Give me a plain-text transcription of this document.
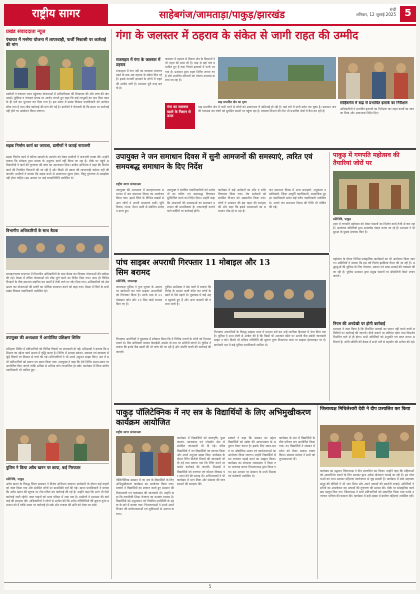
राष्ट्रीय सागर	साहेबगंज/जामताड़ा/पाकुड़/झारखंड
रांची
शनिवार, 12 जुलाई 2025 5
प्रखंड संवाददाता न्यूज
पंचायत में मनरेगा योजना में लापरवाही, फर्जी निकासी पर कार्रवाई की मांग
ग्रामीणों ने पंचायत भवन पहुंचकर योजनाओं में अनियमितता की शिकायत की और जांच की मांग उठाई। मुखिया व पंचायत सेवक पर आरोप लगाते हुए कहा कि कई लाभुकों का नाम बिना काम के ही दर्ज कर भुगतान कर दिया गया है। इस संबंध में प्रखंड विकास पदाधिकारी को आवेदन सौंपा गया है तथा शीघ्र कार्रवाई की मांग की गई है। ग्रामीणों ने चेतावनी दी कि समय पर कार्रवाई नहीं होने पर आंदोलन किया जाएगा।
सड़क निर्माण कार्य का जायजा, ग्रामीणों ने जताई नाराजगी
सड़क निर्माण कार्य में घटिया सामग्री के उपयोग को लेकर ग्रामीणों ने नाराजगी व्यक्त की। उन्होंने बताया कि संवेदक द्वारा मानक के अनुरूप कार्य नहीं किया जा रहा है। मौके पर पहुंचे अधिकारियों ने कार्य की गुणवत्ता की जांच का आश्वासन दिया। कनीय अभियंता ने कहा कि निर्माण कार्य की नियमित निगरानी की जा रही है और किसी भी प्रकार की लापरवाही बर्दाश्त नहीं की जाएगी। ग्रामीणों ने बताया कि सड़क बनने से आवागमन सुगम होगा, किंतु गुणवत्ता से समझौता नहीं होना चाहिए। इस अवसर पर कई जनप्रतिनिधि उपस्थित थे।
विभागीय अधिकारियों के साथ बैठक
समाहरणालय सभागार में विभागीय अधिकारियों के साथ बैठक कर विकास योजनाओं की समीक्षा की गई। बैठक में लंबित योजनाओं को शीघ्र पूर्ण करने का निर्देश दिया गया। साथ ही विभिन्न विभागों के बीच समन्वय स्थापित कर कार्यों में तेजी लाने पर जोर दिया गया। अधिकारियों को क्षेत्र भ्रमण कर योजनाओं की प्रगति का भौतिक सत्यापन करने को कहा गया। बैठक में जिले के सभी प्रखंड विकास पदाधिकारी उपस्थित रहे।
उपायुक्त की अध्यक्षता में आयोजित प्रशिक्षण शिविर
प्रशिक्षण शिविर में प्रतिभागियों को विभिन्न विषयों पर जानकारी दी गई। प्रशिक्षकों ने बताया कि प्रशिक्षण का उद्देश्य कार्य क्षमता में वृद्धि करना है। शिविर में आपदा प्रबंधन, स्वास्थ्य एवं स्वच्छता से जुड़े विषयों पर विस्तार से चर्चा की गई। प्रतिभागियों ने भी अपने अनुभव साझा किए। अंत में सभी प्रतिभागियों को प्रमाण पत्र प्रदान किया गया। उपायुक्त ने कहा कि ऐसे शिविर समय-समय पर आयोजित किए जाएंगे ताकि अधिक से अधिक लोग लाभान्वित हो सकें। कार्यक्रम में जिला स्तरीय पदाधिकारी भी शामिल हुए।
पुलिस ने किया अवैध खनन पर छापा, कई गिरफ्तार
प्रतिनिधि, पाकुड़
अवैध खनन के विरुद्ध जिला प्रशासन ने विशेष अभियान चलाया। छापेमारी के दौरान कई वाहनों को जब्त किया गया और संबंधित लोगों पर प्राथमिकी दर्ज की गई। खनन पदाधिकारी ने बताया कि अवैध खनन की सूचना पर टीम गठित कर कार्रवाई की गई है। उन्होंने कहा कि आगे भी ऐसी कार्रवाई जारी रहेगी। जब्त वाहनों को थाना परिसर में रखा गया है। ग्रामीणों ने प्रशासन की कार्रवाई की सराहना की। अधिकारियों ने लोगों से अपील की कि अवैध गतिविधियों की सूचना तुरंत प्रशासन को दें ताकि समय पर कार्रवाई हो सके और राजस्व की क्षति को रोका जा सके।
गंगा के जलस्तर में ठहराव के संकेत से जागी राहत की उम्मीद
राजमहल में गंगा के जलस्तर में ठहराव
राजमहल में गंगा नदी का जलस्तर लगातार बढ़ने के बाद अब ठहराव के संकेत मिल रहे हैं। इससे तटवर्ती इलाकों के लोगों में राहत की उम्मीद जगी है। प्रशासन पूरी तरह सतर्क है।
जलस्तर में ठहराव से दियारा क्षेत्र के किसानों ने भी राहत की सांस ली है। बाढ़ से कई गांव प्रभावित हुए हैं तथा निचले इलाकों में पानी भर गया है। प्रशासन द्वारा राहत शिविर लगाए गए हैं और प्रभावित परिवारों को भोजन उपलब्ध कराया जा रहा है।
गंगा का जलस्तर खतरे के निशान से ऊपर
बाढ़ प्रभावित क्षेत्र का दृश्य
बाढ़ प्रभावित क्षेत्र में पानी भरने से लोगों को आवागमन में कठिनाई हो रही है। कई घरों में पानी प्रवेश कर चुका है। प्रशासन नाव की व्यवस्था कर लोगों को सुरक्षित स्थानों पर पहुंचा रहा है। स्वास्थ्य विभाग की टीम भी प्रभावित क्षेत्रों में कैंप कर रही है।
साहिबगंज में बाढ़ से प्रभावित इलाके का निरीक्षण
अधिकारियों ने प्रभावित इलाकों का निरीक्षण कर राहत कार्यों का जायजा लिया और आवश्यक निर्देश दिए।
उपायुक्त ने जन समाधान दिवस में सुनी आमजनों की समस्याएं, त्वरित एवं समयबद्ध समाधान के दिए निर्देश
राष्ट्रीय सागर संवाददाता
उपायुक्त की अध्यक्षता में समाहरणालय सभागार में जन समाधान दिवस का आयोजन किया गया। इसमें जिले के विभिन्न प्रखंडों से आए लोगों ने अपनी समस्याएं रखीं। भूमि विवाद, राशन, पेंशन आदि से संबंधित आवेदन प्राप्त हुए।
उपायुक्त ने संबंधित पदाधिकारियों को आवेदनों का त्वरित एवं समयबद्ध निष्पादन सुनिश्चित करने का निर्देश दिया। उन्होंने कहा कि आमजनों की समस्याओं का समाधान प्रशासन की प्राथमिकता है। लापरवाही बरतने वाले कर्मियों पर कार्रवाई होगी।
कार्यक्रम में कई आवेदनों का ऑन द स्पॉट निष्पादन किया गया। शेष आवेदनों को संबंधित विभाग को अग्रसारित किया गया। लोगों ने प्रशासन की इस पहल की सराहना की और कहा कि इससे समस्याओं का समाधान शीघ्र हो पा रहा है।
जन समाधान दिवस में अपर समाहर्ता, अनुमंडल पदाधिकारी, जिला आपूर्ति पदाधिकारी, सामाजिक सुरक्षा पदाधिकारी समेत कई वरीय पदाधिकारी उपस्थित थे। अगले जन समाधान दिवस की तिथि भी घोषित की गई।
पाकुड़ में गणपति महोत्सव की तैयारियां जोरों पर
प्रतिनिधि, पाकुड़
शहर में गणपति महोत्सव को लेकर पंडालों का निर्माण कार्य तेजी से चल रहा है। आयोजन समितियों द्वारा आकर्षक पंडाल बनाए जा रहे हैं। प्रशासन ने भी सुरक्षा के पुख्ता इंतजाम किए हैं।
पांच साइबर अपराधी गिरफ्तार 11 मोबाइल और 13 सिम बरामद
प्रतिनिधि, जामताड़ा
जामताड़ा पुलिस ने गुप्त सूचना के आधार पर छापेमारी कर पांच साइबर अपराधियों को गिरफ्तार किया है। उनके पास से 11 मोबाइल फोन और 13 सिम कार्ड बरामद किए गए हैं।
पुलिस अधीक्षक ने प्रेस वार्ता में बताया कि गिरोह के सदस्य फर्जी कॉल कर लोगों के खाते से पैसे उड़ाते थे। पूछताछ में कई अहम खुलासे हुए हैं और अन्य सदस्यों की तलाश जारी है।
गिरफ्तार अपराधियों के विरुद्ध साइबर थाना में मामला दर्ज कर उन्हें न्यायिक हिरासत में भेज दिया गया है। पुलिस ने आम लोगों से अपील की है कि किसी भी अनजान कॉल पर अपनी बैंक संबंधी जानकारी साझा न करें। किसी भी संदिग्ध गतिविधि की सूचना तुरंत निकटतम थाना या साइबर हेल्पलाइन पर दें। छापेमारी दल में कई पुलिस पदाधिकारी शामिल थे।
गिरफ्तार आरोपियों ने पूछताछ में स्वीकार किया कि वे विभिन्न राज्यों के लोगों को निशाना बनाते थे। बैंक अधिकारी बनकर केवाईसी अपडेट के नाम पर ओटीपी मांगते थे। पुलिस ने बताया कि इनके बैंक खातों की भी जांच की जा रही है और संपत्ति जब्ती की कार्रवाई की जाएगी।
महोत्सव के दौरान विभिन्न सांस्कृतिक कार्यक्रमों का भी आयोजन किया जाएगा। समितियों ने बताया कि इस वर्ष विशेष झांकियां तैयार की जा रही हैं। श्रद्धालुओं की सुविधा के लिए पेयजल, प्रकाश एवं साफ-सफाई की व्यवस्था की जा रही है। पुलिस प्रशासन द्वारा प्रमुख पंडालों पर सीसीटीवी कैमरे लगाए जाएंगे।
नियम की अनदेखी पर होगी कार्रवाई
प्रशासन ने स्पष्ट किया है कि निर्धारित मानकों का पालन नहीं करने वाली समितियों पर कार्रवाई की जाएगी। डीजे बजाने पर प्रतिबंध रहेगा तथा विसर्जन निर्धारित मार्ग से ही होगा। सभी समितियों को अनुमति पत्र प्राप्त करना अनिवार्य है। शांति समिति की बैठक में सभी वर्गों से सहयोग की अपील की गई।
पाकुड़ पॉलिटेक्निक में नए सत्र के विद्यार्थियों के लिए अभिमुखीकरण कार्यक्रम आयोजित
राष्ट्रीय सागर संवाददाता
पॉलिटेक्निक संस्थान में नए सत्र के विद्यार्थियों के लिए अभिमुखीकरण कार्यक्रम का आयोजन किया गया। प्राचार्य ने विद्यार्थियों का स्वागत करते हुए संस्थान की नियमावली एवं पाठ्यक्रम की जानकारी दी। उन्होंने कहा कि तकनीकी शिक्षा रोजगार का सशक्त माध्यम है। विद्यार्थियों को अनुशासन एवं नियमित उपस्थिति के महत्व के बारे में बताया गया। विभागाध्यक्षों ने अपने-अपने विभाग की प्रयोगशालाओं एवं सुविधाओं से अवगत कराया।
कार्यक्रम में विद्यार्थियों को छात्रवृत्ति, पुस्तकालय, छात्रावास एवं प्लेसमेंट सेल से संबंधित जानकारी भी दी गई। वरिष्ठ विद्यार्थियों ने नए विद्यार्थियों का स्वागत किया और अपने अनुभव साझा किए। कार्यक्रम के दौरान रैगिंग विरोधी नियमों की जानकारी भी दी गई तथा बताया गया कि रैगिंग करने पर कठोर कार्रवाई की जाएगी। शिक्षकों ने विद्यार्थियों को नवाचार एवं कौशल विकास पर ध्यान देने की सलाह दी। अभिभावकों ने भी कार्यक्रम में भाग लिया और संस्थान की व्यवस्थाओं की सराहना की।
प्राचार्य ने कहा कि संस्थान का उद्देश्य विद्यार्थियों को उद्योग की आवश्यकता के अनुरूप तैयार करना है। इसके लिए समय-समय पर औद्योगिक भ्रमण एवं कार्यशालाओं का आयोजन किया जाएगा। उन्होंने विद्यार्थियों से मन लगाकर पढ़ाई करने का आह्वान किया। कार्यक्रम का संचालन व्याख्याता ने किया तथा धन्यवाद ज्ञापन विभागाध्यक्ष द्वारा किया गया। इस अवसर पर संस्थान के सभी शिक्षक एवं कर्मचारी उपस्थित थे।
कार्यक्रम के अंत में विद्यार्थियों के बीच परिचय सत्र आयोजित किया गया। नए विद्यार्थियों ने संस्थान में प्रवेश को लेकर उत्साह व्यक्त किया। संस्थान प्रबंधन ने सभी को शुभकामनाएं दीं।
जिलाध्यक्ष मिथिलेश्वरी देवी ने दीप प्रज्वलित कर किया
कार्यक्रम का उद्घाटन जिलाध्यक्ष ने दीप प्रज्वलित कर किया। उन्होंने कहा कि महिलाओं को आत्मनिर्भर बनाने के लिए सरकार द्वारा अनेक योजनाएं चलाई जा रही हैं। इन योजनाओं का लाभ उठाकर महिलाएं स्वरोजगार से जुड़ सकती हैं। कार्यक्रम में स्वयं सहायता समूह की दीदियों ने भी भाग लिया और अपने उत्पादों की प्रदर्शनी लगाई। अतिथियों ने स्टॉलों का अवलोकन कर उत्पादों की गुणवत्ता की प्रशंसा की। मौके पर सांस्कृतिक कार्यक्रम प्रस्तुत किए गए। जिलाध्यक्ष ने सभी प्रतिभागियों को सम्मानित किया तथा उनके उज्ज्वल भविष्य की कामना की। कार्यक्रम में बड़ी संख्या में ग्रामीण महिलाएं उपस्थित रहीं।
5
